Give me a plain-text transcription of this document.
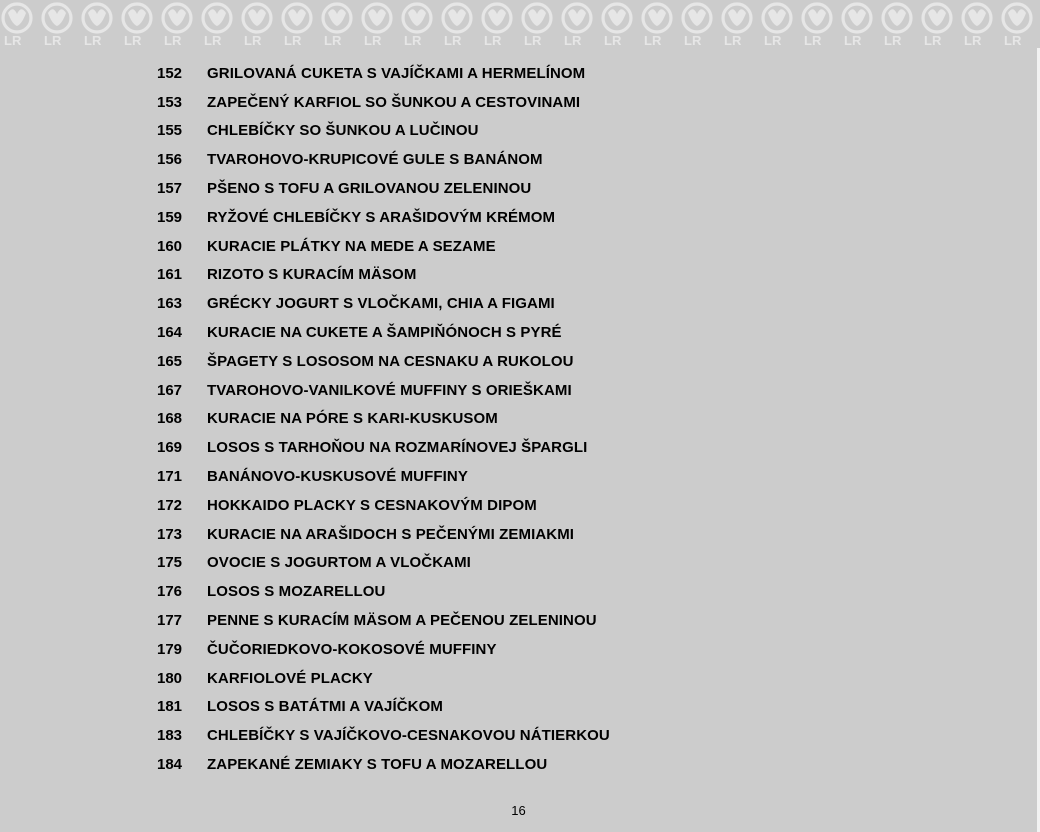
LR LR LR LR LR LR LR LR LR LR LR LR LR LR LR LR LR LR LR LR LR LR LR LR LR LR
152	GRILOVANÁ CUKETA S VAJÍČKAMI A HERMELÍNOM
153	ZAPEČENÝ KARFIOL SO ŠUNKOU A CESTOVINAMI
155	CHLEBÍČKY SO ŠUNKOU A LUČINOU
156	TVAROHOVO-KRUPICOVÉ GULE S BANÁNOM
157	PŠENO S TOFU A GRILOVANOU ZELENINOU
159	RYŽOVÉ CHLEBÍČKY S ARAŠIDOVÝM KRÉMOM
160	KURACIE PLÁTKY NA MEDE A SEZAME
161	RIZOTO S KURACÍM MÄSOM
163	GRÉCKY JOGURT S VLOČKAMI, CHIA A FIGAMI
164	KURACIE NA CUKETE A ŠAMPIŇÓNOCH S PYRÉ
165	ŠPAGETY S LOSOSOM NA CESNAKU A RUKOLOU
167	TVAROHOVO-VANILKOVÉ MUFFINY S ORIEŠKAMI
168	KURACIE NA PÓRE S KARI-KUSKUSOM
169	LOSOS S TARHOŇOU NA ROZMARÍNOVEJ ŠPARGLI
171	BANÁNOVO-KUSKUSOVÉ MUFFINY
172	HOKKAIDO PLACKY S CESNAKOVÝM DIPOM
173	KURACIE NA ARAŠIDOCH S PEČENÝMI ZEMIAKMI
175	OVOCIE S JOGURTOM A VLOČKAMI
176	LOSOS S MOZARELLOU
177	PENNE S KURACÍM MÄSOM A PEČENOU ZELENINOU
179	ČUČORIEDKOVO-KOKOSOVÉ MUFFINY
180	KARFIOLOVÉ PLACKY
181	LOSOS S BATÁTMI A VAJÍČKOM
183	CHLEBÍČKY S VAJÍČKOVO-CESNAKOVOU NÁTIERKOU
184	ZAPEKANÉ ZEMIAKY S TOFU A MOZARELLOU
16
